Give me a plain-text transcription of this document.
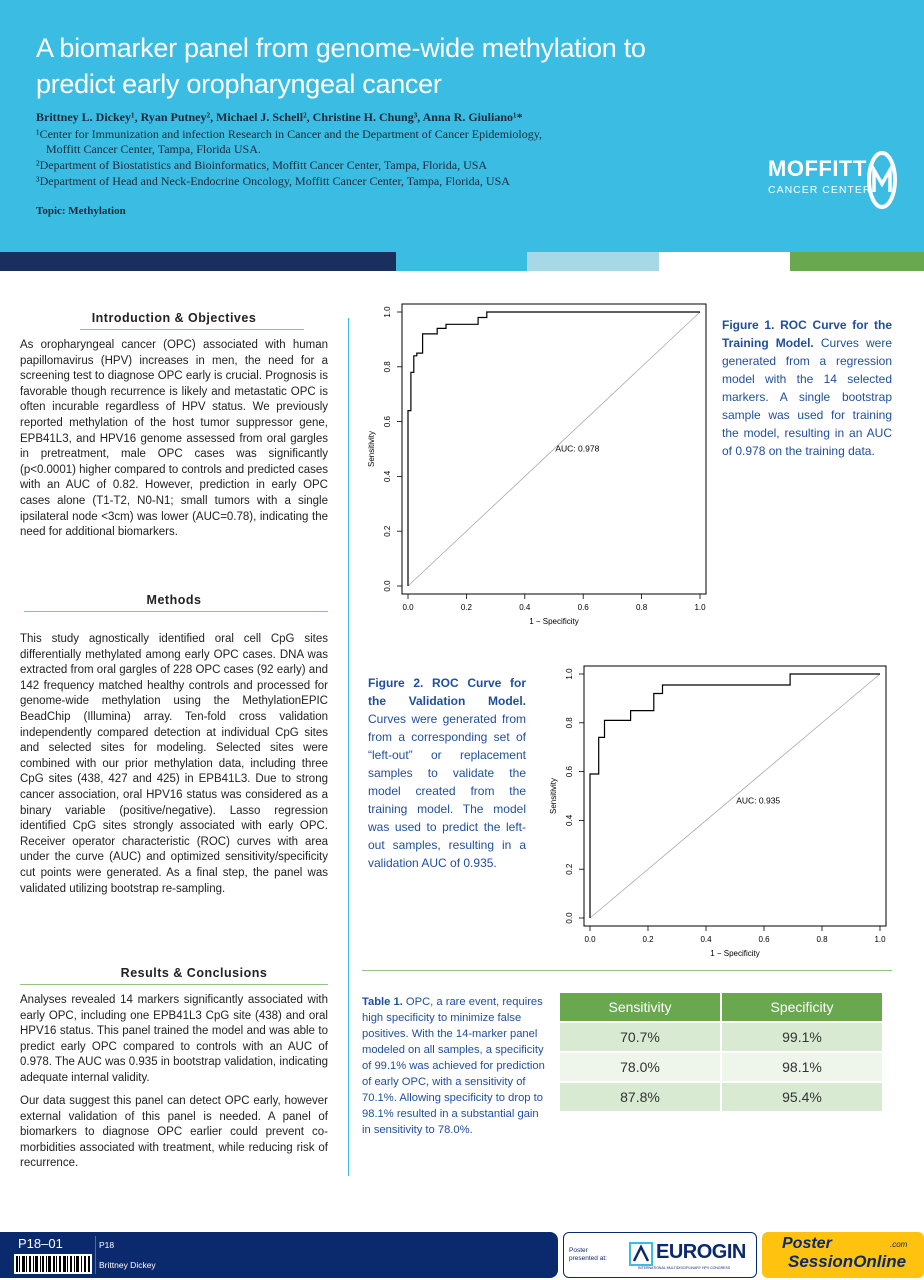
A biomarker panel from genome-wide methylation to
predict early oropharyngeal cancer
Brittney L. Dickey¹, Ryan Putney², Michael J. Schell², Christine H. Chung³, Anna R. Giuliano¹*
¹Center for Immunization and infection Research in Cancer and the Department of Cancer Epidemiology,
Moffitt Cancer Center, Tampa, Florida USA.
²Department of Biostatistics and Bioinformatics, Moffitt Cancer Center, Tampa, Florida, USA
³Department of Head and Neck-Endocrine Oncology, Moffitt Cancer Center, Tampa, Florida, USA
Topic: Methylation
MOFFITT
CANCER CENTER
Introduction & Objectives
As oropharyngeal cancer (OPC) associated with human papillomavirus (HPV) increases in men, the need for a screening test to diagnose OPC early is crucial. Prognosis is favorable though recurrence is likely and metastatic OPC is often incurable regardless of HPV status. We previously reported methylation of the host tumor suppressor gene, EPB41L3, and HPV16 genome assessed from oral gargles in pretreatment, male OPC cases was significantly (p<0.0001) higher compared to controls and predicted cases with an AUC of 0.82. However, prediction in early OPC cases alone (T1-T2, N0-N1; small tumors with a single ipsilateral node <3cm) was lower (AUC=0.78), indicating the need for additional biomarkers.
Methods
This study agnostically identified oral cell CpG sites differentially methylated among early OPC cases. DNA was extracted from oral gargles of 228 OPC cases (92 early) and 142 frequency matched healthy controls and processed for genome-wide methylation using the MethylationEPIC BeadChip (Illumina) array. Ten-fold cross validation independently compared detection at individual CpG sites and selected sites for modeling. Selected sites were combined with our prior methylation data, including three CpG sites (438, 427 and 425) in EPB41L3. Due to strong cancer association, oral HPV16 status was considered as a binary variable (positive/negative). Lasso regression identified CpG sites strongly associated with early OPC. Receiver operator characteristic (ROC) curves with area under the curve (AUC) and optimized sensitivity/specificity cut points were generated. As a final step, the panel was validated utilizing bootstrap re-sampling.
Results & Conclusions
Analyses revealed 14 markers significantly associated with early OPC, including one EPB41L3 CpG site (438) and oral HPV16 status. This panel trained the model and was able to predict early OPC compared to controls with an AUC of 0.978. The AUC was 0.935 in bootstrap validation, indicating adequate internal validity.
Our data suggest this panel can detect OPC early, however external validation of this panel is needed. A panel of biomarkers to diagnose OPC earlier could prevent co-morbidities associated with treatment, while reducing risk of recurrence.
0.0
0.0
0.2
0.2
0.4
0.4
0.6
0.6
0.8
0.8
1.0
1.0
1 − Specificity
Sensitivity	AUC: 0.978
Figure 1. ROC Curve for the Training Model. Curves were generated from a regression model with the 14 selected markers. A single bootstrap sample was used for training the model, resulting in an AUC of 0.978 on the training data.
Figure 2. ROC Curve for the Validation Model. Curves were generated from from a corresponding set of “left-out” or replacement samples to validate the model created from the training model. The model was used to predict the left-out samples, resulting in a validation AUC of 0.935.
0.0
0.0
0.2
0.2
0.4
0.4
0.6
0.6
0.8
0.8
1.0
1.0
1 − Specificity
Sensitivity	AUC: 0.935
Table 1. OPC, a rare event, requires high specificity to minimize false positives. With the 14-marker panel modeled on all samples, a specificity of 99.1% was achieved for prediction of early OPC, with a sensitivity of 70.1%. Allowing specificity to drop to 98.1% resulted in a substantial gain in sensitivity to 78.0%.
Sensitivity	Specificity
70.7%	99.1%
78.0%	98.1%
87.8%	95.4%
P18–01	P18
Brittney Dickey
Poster
presented at: EUROGIN
INTERNATIONAL MULTIDISCIPLINARY HPV CONGRESS
Poster	.com
SessionOnline
